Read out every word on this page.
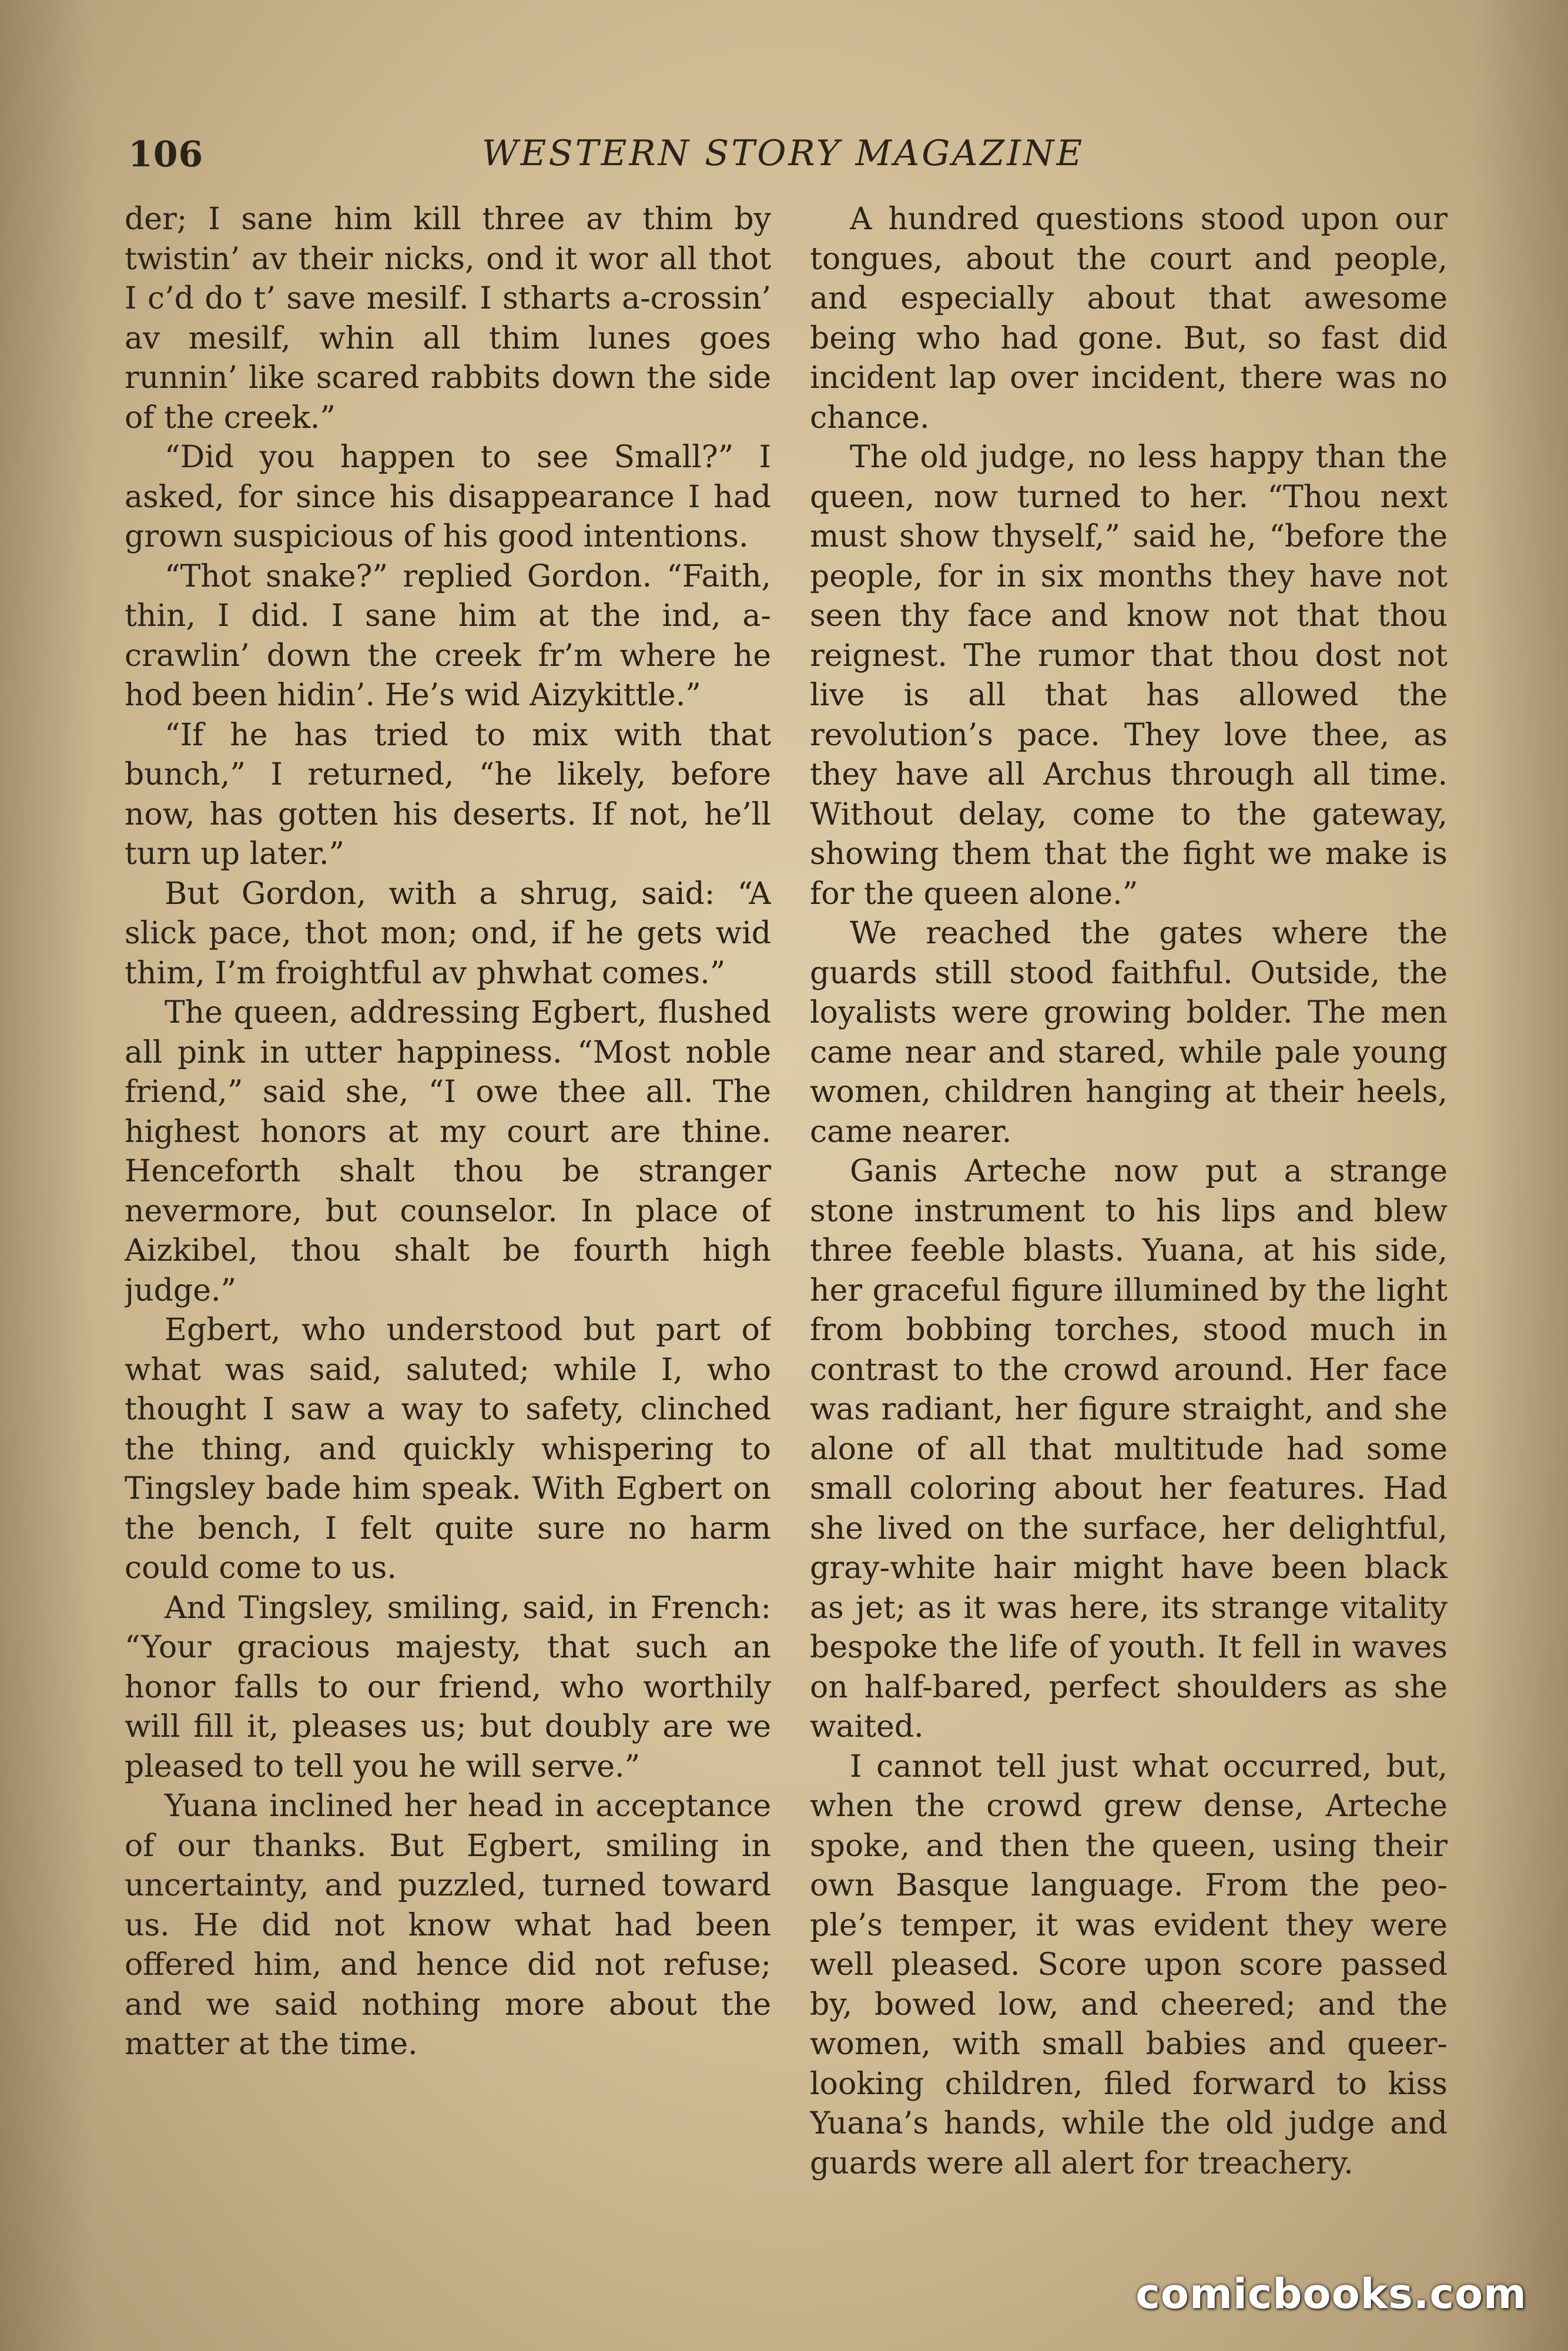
106	WESTERN STORY MAGAZINE

der; I sane him kill three av thim by twistin’ av their nicks, ond it wor all thot I c’d do t’ save mesilf. I stharts a-crossin’ av mesilf, whin all thim lunes goes runnin’ like scared rabbits down the side of the creek.”

“Did you happen to see Small?” I asked, for since his disappearance I had grown suspicious of his good intentions.

“Thot snake?” replied Gordon. “Faith, thin, I did. I sane him at the ind, a-crawlin’ down the creek fr’m where he hod been hidin’. He’s wid Aizykittle.”

“If he has tried to mix with that bunch,” I returned, “he likely, before now, has gotten his deserts. If not, he’ll turn up later.”

But Gordon, with a shrug, said: “A slick pace, thot mon; ond, if he gets wid thim, I’m froightful av phwhat comes.”

The queen, addressing Egbert, flushed all pink in utter happiness. “Most noble friend,” said she, “I owe thee all. The highest honors at my court are thine. Henceforth shalt thou be stranger nevermore, but counselor. In place of Aizkibel, thou shalt be fourth high judge.”

Egbert, who understood but part of what was said, saluted; while I, who thought I saw a way to safety, clinched the thing, and quickly whispering to Tingsley bade him speak. With Egbert on the bench, I felt quite sure no harm could come to us.

And Tingsley, smiling, said, in French: “Your gracious majesty, that such an honor falls to our friend, who worthily will fill it, pleases us; but doubly are we pleased to tell you he will serve.”

Yuana inclined her head in acceptance of our thanks. But Egbert, smiling in uncertainty, and puzzled, turned toward us. He did not know what had been offered him, and hence did not refuse; and we said nothing more about the matter at the time.

A hundred questions stood upon our tongues, about the court and people, and especially about that awesome being who had gone. But, so fast did incident lap over incident, there was no chance.

The old judge, no less happy than the queen, now turned to her. “Thou next must show thyself,” said he, “before the people, for in six months they have not seen thy face and know not that thou reignest. The rumor that thou dost not live is all that has allowed the revolution’s pace. They love thee, as they have all Archus through all time. Without delay, come to the gateway, showing them that the fight we make is for the queen alone.”

We reached the gates where the guards still stood faithful. Outside, the loyalists were growing bolder. The men came near and stared, while pale young women, children hanging at their heels, came nearer.

Ganis Arteche now put a strange stone instrument to his lips and blew three feeble blasts. Yuana, at his side, her graceful figure illumined by the light from bobbing torches, stood much in contrast to the crowd around. Her face was radiant, her figure straight, and she alone of all that multitude had some small coloring about her features. Had she lived on the surface, her delightful, gray-white hair might have been black as jet; as it was here, its strange vitality bespoke the life of youth. It fell in waves on half-bared, perfect shoulders as she waited.

I cannot tell just what occurred, but, when the crowd grew dense, Arteche spoke, and then the queen, using their own Basque language. From the people’s temper, it was evident they were well pleased. Score upon score passed by, bowed low, and cheered; and the women, with small babies and queer-looking children, filed forward to kiss Yuana’s hands, while the old judge and guards were all alert for treachery.

comicbooks.com
